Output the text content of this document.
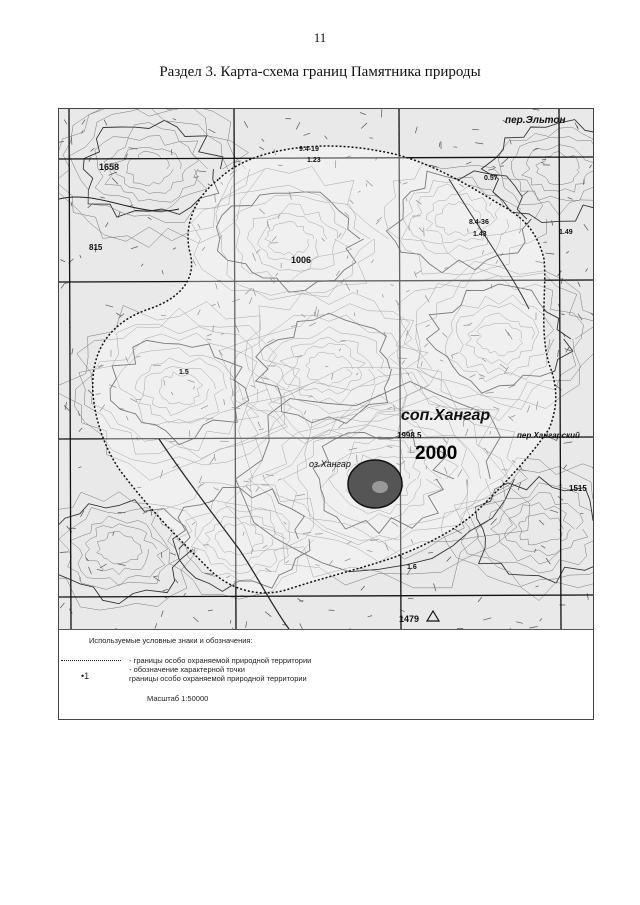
11
Раздел 3. Карта-схема границ Памятника природы
соп.Хангар
1998.5
2000
оз.Хангар
1658
1006
1479
1515
пер.Эльтон
пер.Хангарский
815
9.4-19
1.23
8.4-36
1.43
0.57
1.6
1.49
1.5
Используемые условные знаки и обозначения:
•1
- границы особо охраняемой природной территории
- обозначение характерной точки
границы особо охраняемой природной территории
Масштаб 1:50000
